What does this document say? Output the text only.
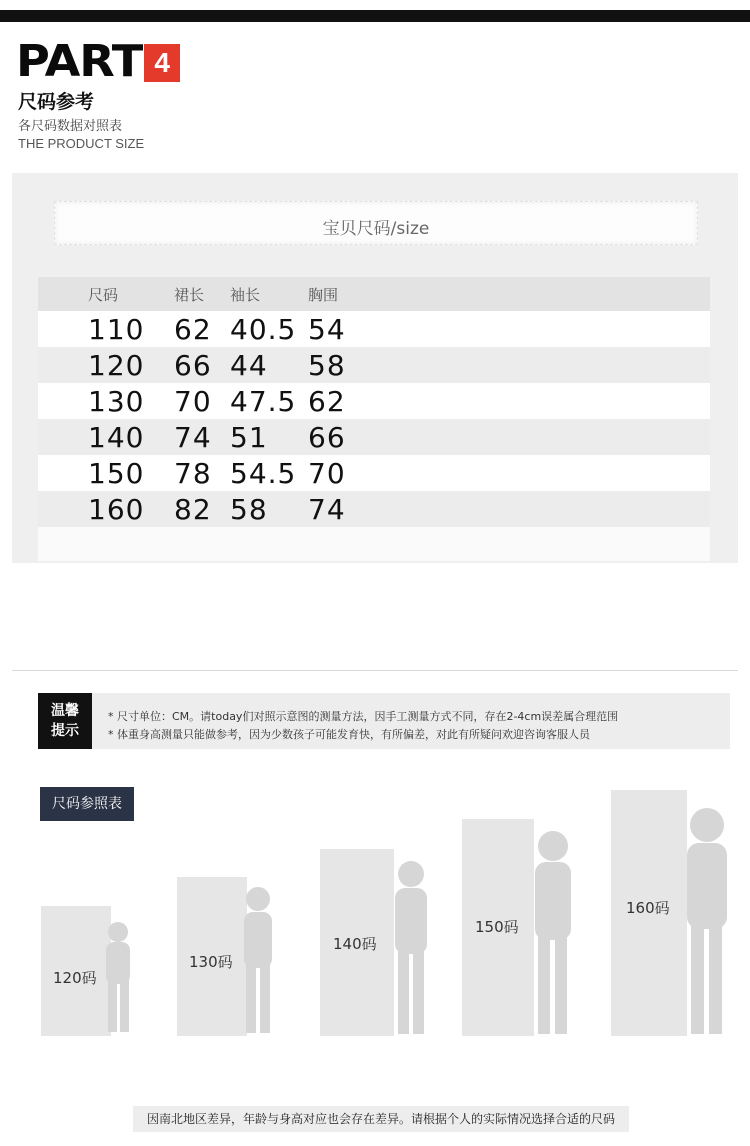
PART 4
尺码参考
各尺码数据对照表
THE PRODUCT SIZE
宝贝尺码/size
尺码	裙长 袖长	胸围
110 62 40.5 54
120 66 44 58
130 70 47.5 62
140 74 51 66
150 78 54.5 70
160 82 58 74
温馨
提示
* 尺寸单位：CM。请today们对照示意图的测量方法，因手工测量方式不同，存在2-4cm误差属合理范围
* 体重身高测量只能做参考，因为少数孩子可能发育快，有所偏差，对此有所疑问欢迎咨询客服人员
尺码参照表
120码
130码
140码
150码
160码
因南北地区差异，年龄与身高对应也会存在差异。请根据个人的实际情况选择合适的尺码
